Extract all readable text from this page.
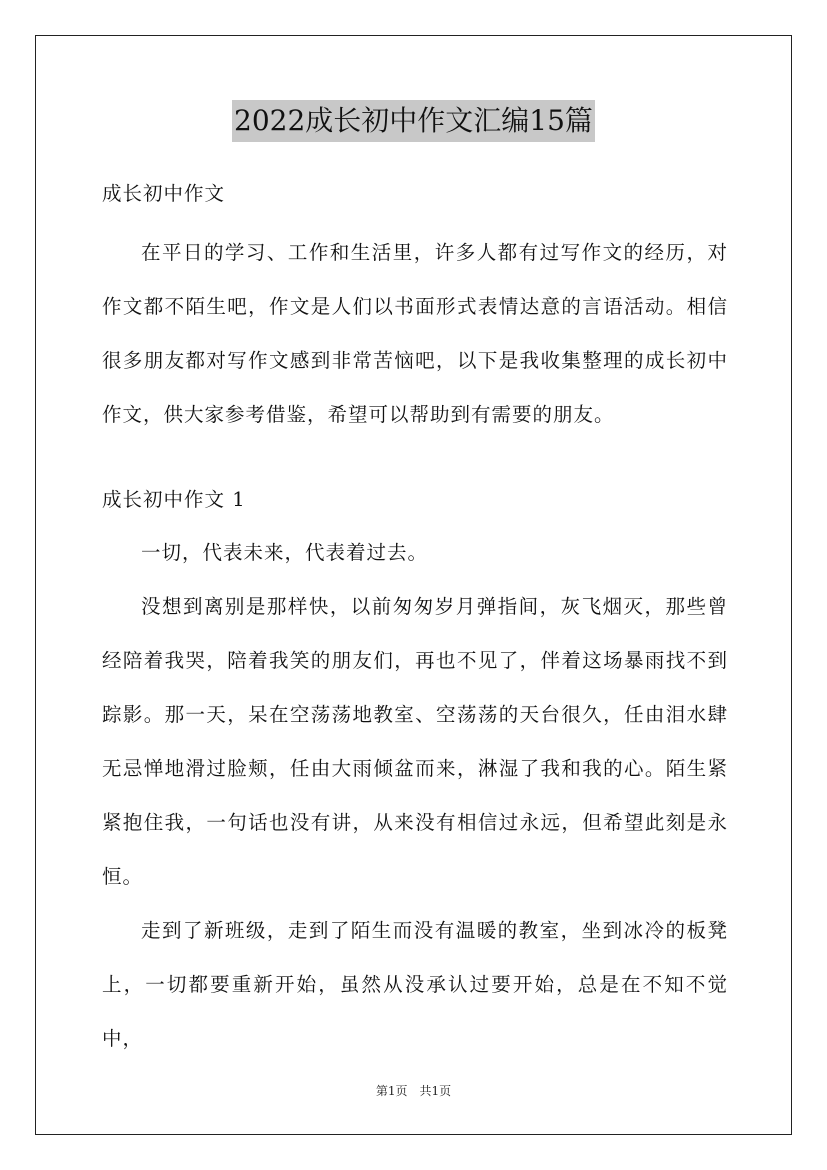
2022成长初中作文汇编15篇

成长初中作文

在平日的学习、工作和生活里，许多人都有过写作文的经历，对作文都不陌生吧，作文是人们以书面形式表情达意的言语活动。相信很多朋友都对写作文感到非常苦恼吧，以下是我收集整理的成长初中作文，供大家参考借鉴，希望可以帮助到有需要的朋友。

成长初中作文 1

一切，代表未来，代表着过去。

没想到离别是那样快，以前匆匆岁月弹指间，灰飞烟灭，那些曾经陪着我哭，陪着我笑的朋友们，再也不见了，伴着这场暴雨找不到踪影。那一天，呆在空荡荡地教室、空荡荡的天台很久，任由泪水肆无忌惮地滑过脸颊，任由大雨倾盆而来，淋湿了我和我的心。陌生紧紧抱住我，一句话也没有讲，从来没有相信过永远，但希望此刻是永恒。

走到了新班级，走到了陌生而没有温暖的教室，坐到冰冷的板凳上，一切都要重新开始，虽然从没承认过要开始，总是在不知不觉中，

第1页　共1页
